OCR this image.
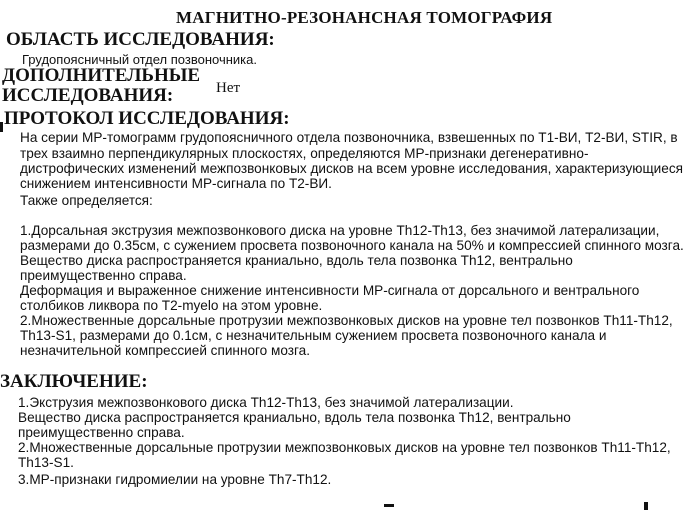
МАГНИТНО-РЕЗОНАНСНАЯ ТОМОГРАФИЯ
ОБЛАСТЬ ИССЛЕДОВАНИЯ:
Грудопоясничный отдел позвоночника.
ДОПОЛНИТЕЛЬНЫЕ
ИССЛЕДОВАНИЯ:	Нет
ПРОТОКОЛ ИССЛЕДОВАНИЯ:
На серии МР-томограмм грудопоясничного отдела позвоночника, взвешенных по Т1-ВИ, Т2-ВИ, STIR, в
трех взаимно перпендикулярных плоскостях, определяются МР-признаки дегенеративно-
дистрофических изменений межпозвонковых дисков на всем уровне исследования, характеризующиеся
снижением интенсивности МР-сигнала по Т2-ВИ.
Также определяется:
1.Дорсальная экструзия межпозвонкового диска на уровне Th12-Th13, без значимой латерализации,
размерами до 0.35см, с сужением просвета позвоночного канала на 50% и компрессией спинного мозга.
Вещество диска распространяется краниально, вдоль тела позвонка Th12, вентрально
преимущественно справа.
Деформация и выраженное снижение интенсивности МР-сигнала от дорсального и вентрального
столбиков ликвора по Т2-myelo на этом уровне.
2.Множественные дорсальные протрузии межпозвонковых дисков на уровне тел позвонков Th11-Th12,
Th13-S1, размерами до 0.1см, с незначительным сужением просвета позвоночного канала и
незначительной компрессией спинного мозга.
ЗАКЛЮЧЕНИЕ:
1.Экструзия межпозвонкового диска Th12-Th13, без значимой латерализации.
Вещество диска распространяется краниально, вдоль тела позвонка Th12, вентрально
преимущественно справа.
2.Множественные дорсальные протрузии межпозвонковых дисков на уровне тел позвонков Th11-Th12,
Th13-S1.
3.МР-признаки гидромиелии на уровне Th7-Th12.
